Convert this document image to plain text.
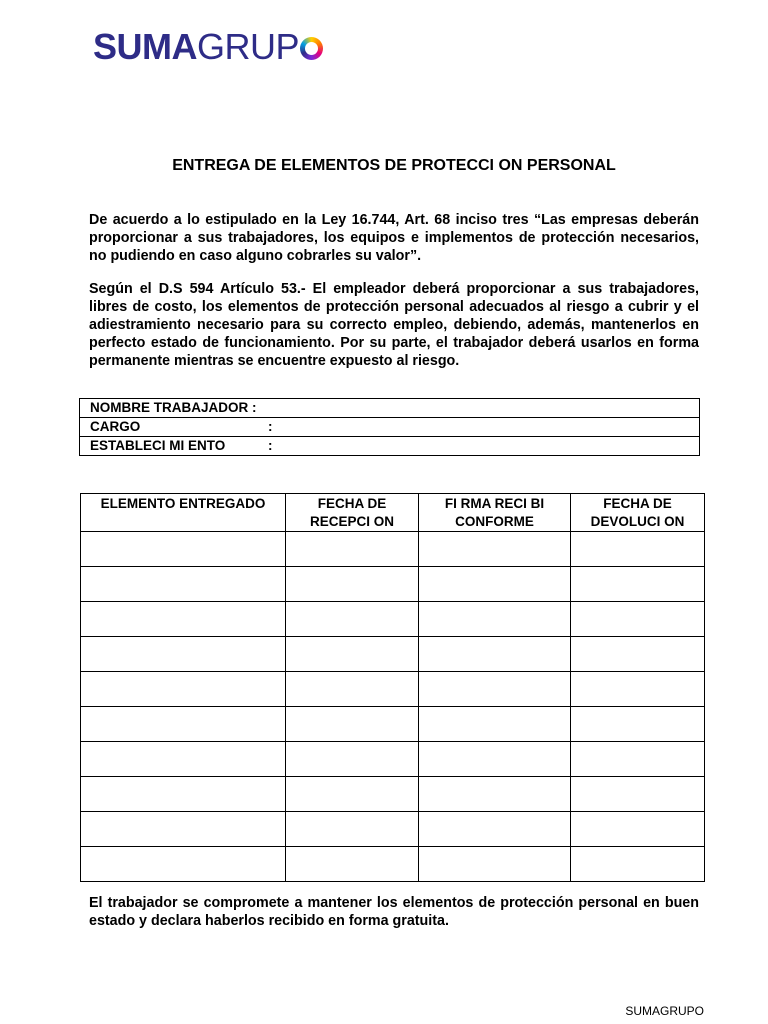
SUMAGRUP
ENTREGA DE ELEMENTOS DE PROTECCI ON PERSONAL
De acuerdo a lo estipulado en la Ley 16.744, Art. 68 inciso tres “Las empresas deberán proporcionar a sus trabajadores, los equipos e implementos de protección necesarios, no pudiendo en caso alguno cobrarles su valor”.
Según el D.S 594 Artículo 53.- El empleador deberá proporcionar a sus trabajadores, libres de costo, los elementos de protección personal adecuados al riesgo a cubrir y el adiestramiento necesario para su correcto empleo, debiendo, además, mantenerlos en perfecto estado de funcionamiento. Por su parte, el trabajador deberá usarlos en forma permanente mientras se encuentre expuesto al riesgo.
NOMBRE TRABAJADOR :
CARGO	:
ESTABLECI MI ENTO	:
ELEMENTO ENTREGADO	FECHA DE RECEPCI ON	FI RMA RECI BI CONFORME	FECHA DE DEVOLUCI ON

El trabajador se compromete a mantener los elementos de protección personal en buen estado y declara haberlos recibido en forma gratuita.
SUMAGRUPO
